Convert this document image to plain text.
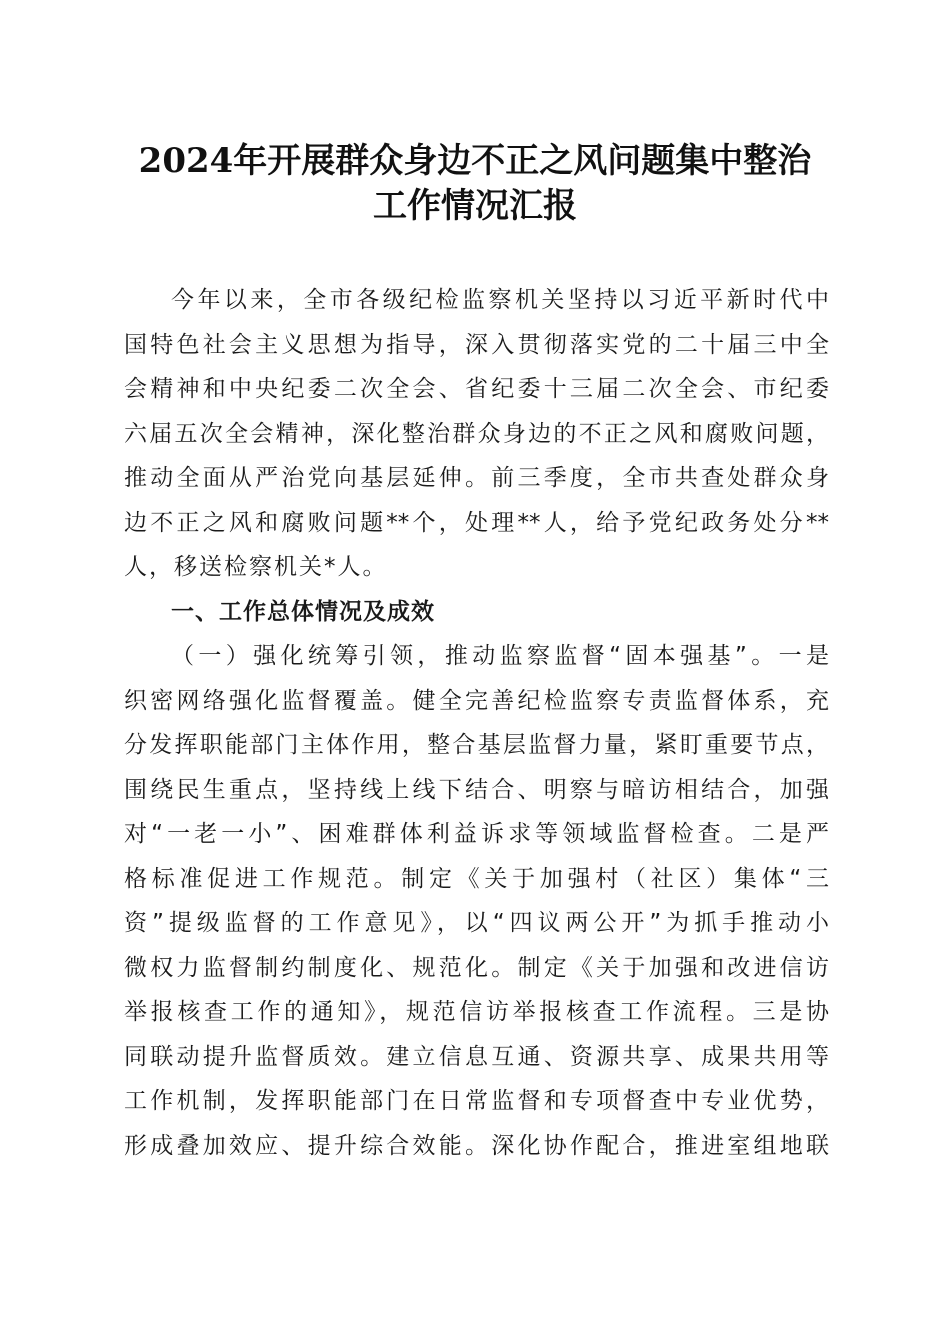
2024年开展群众身边不正之风问题集中整治
工作情况汇报
今年以来，全市各级纪检监察机关坚持以习近平新时代中
国特色社会主义思想为指导，深入贯彻落实党的二十届三中全
会精神和中央纪委二次全会、省纪委十三届二次全会、市纪委
六届五次全会精神，深化整治群众身边的不正之风和腐败问题，
推动全面从严治党向基层延伸。前三季度，全市共查处群众身
边不正之风和腐败问题**个，处理**人，给予党纪政务处分**
人，移送检察机关*人。
一、工作总体情况及成效
（一）强化统筹引领，推动监察监督“固本强基”。一是
织密网络强化监督覆盖。健全完善纪检监察专责监督体系，充
分发挥职能部门主体作用，整合基层监督力量，紧盯重要节点，
围绕民生重点，坚持线上线下结合、明察与暗访相结合，加强
对“一老一小”、困难群体利益诉求等领域监督检查。二是严
格标准促进工作规范。制定《关于加强村（社区）集体“三
资”提级监督的工作意见》，以“四议两公开”为抓手推动小
微权力监督制约制度化、规范化。制定《关于加强和改进信访
举报核查工作的通知》，规范信访举报核查工作流程。三是协
同联动提升监督质效。建立信息互通、资源共享、成果共用等
工作机制，发挥职能部门在日常监督和专项督查中专业优势，
形成叠加效应、提升综合效能。深化协作配合，推进室组地联
